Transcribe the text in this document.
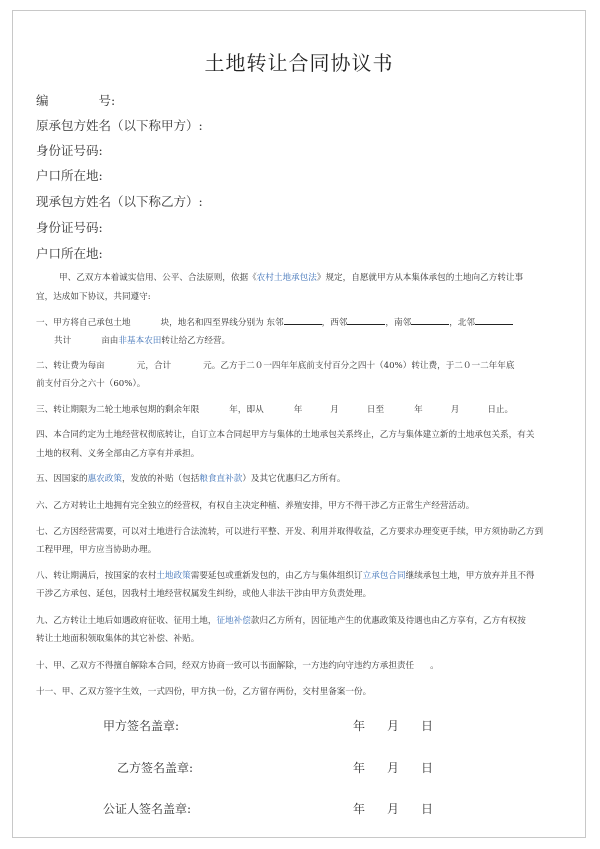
土地转让合同协议书
编	号:
原承包方姓名（以下称甲方）:
身份证号码:
户口所在地:
现承包方姓名（以下称乙方）:
身份证号码:
户口所在地:
甲、乙双方本着诚实信用、公平、合法原则，依据《农村土地承包法》规定，自愿就甲方从本集体承包的土地向乙方转让事
宜，达成如下协议，共同遵守:
一、甲方将自己承包土地	块，地名和四至界线分别为 东邻	，西邻	，南邻	，北邻
共计	亩由非基本农田转让给乙方经营。
二、转让费为每亩	元，合计	元。乙方于二０一四年年底前支付百分之四十（40%）转让费，于二０一二年年底
前支付百分之六十（60%）。
三、转让期限为二轮土地承包期的剩余年限	年，即从	年	月	日至	年	月	日止。
四、本合同约定为土地经营权彻底转让，自订立本合同起甲方与集体的土地承包关系终止，乙方与集体建立新的土地承包关系，有关
土地的权利、义务全部由乙方享有并承担。
五、因国家的惠农政策，发放的补贴（包括粮食直补款）及其它优惠归乙方所有。
六、乙方对转让土地拥有完全独立的经营权，有权自主决定种植、养殖安排，甲方不得干涉乙方正常生产经营活动。
七、乙方因经营需要，可以对土地进行合法流转，可以进行平整、开发、利用并取得收益，乙方要求办理变更手续，甲方须协助乙方到
工程甲理，甲方应当协助办理。
八、转让期满后，按国家的农村土地政策需要延包或重新发包的，由乙方与集体组织订立承包合同继续承包土地，甲方放弃并且不得
干涉乙方承包、延包，因我村土地经营权属发生纠纷，或他人非法干涉由甲方负责处理。
九、乙方转让土地后如遇政府征收、征用土地，征地补偿款归乙方所有，因征地产生的优惠政策及待遇也由乙方享有，乙方有权按
转让土地面积领取集体的其它补偿、补贴。
十、甲、乙双方不得擅自解除本合同，经双方协商一致可以书面解除，一方违约向守违约方承担责任 。
十一、甲、乙双方签字生效，一式四份，甲方执一份，乙方留存两份，交村里备案一份。
甲方签名盖章:	年 月 日
乙方签名盖章:	年 月 日
公证人签名盖章:	年 月 日
